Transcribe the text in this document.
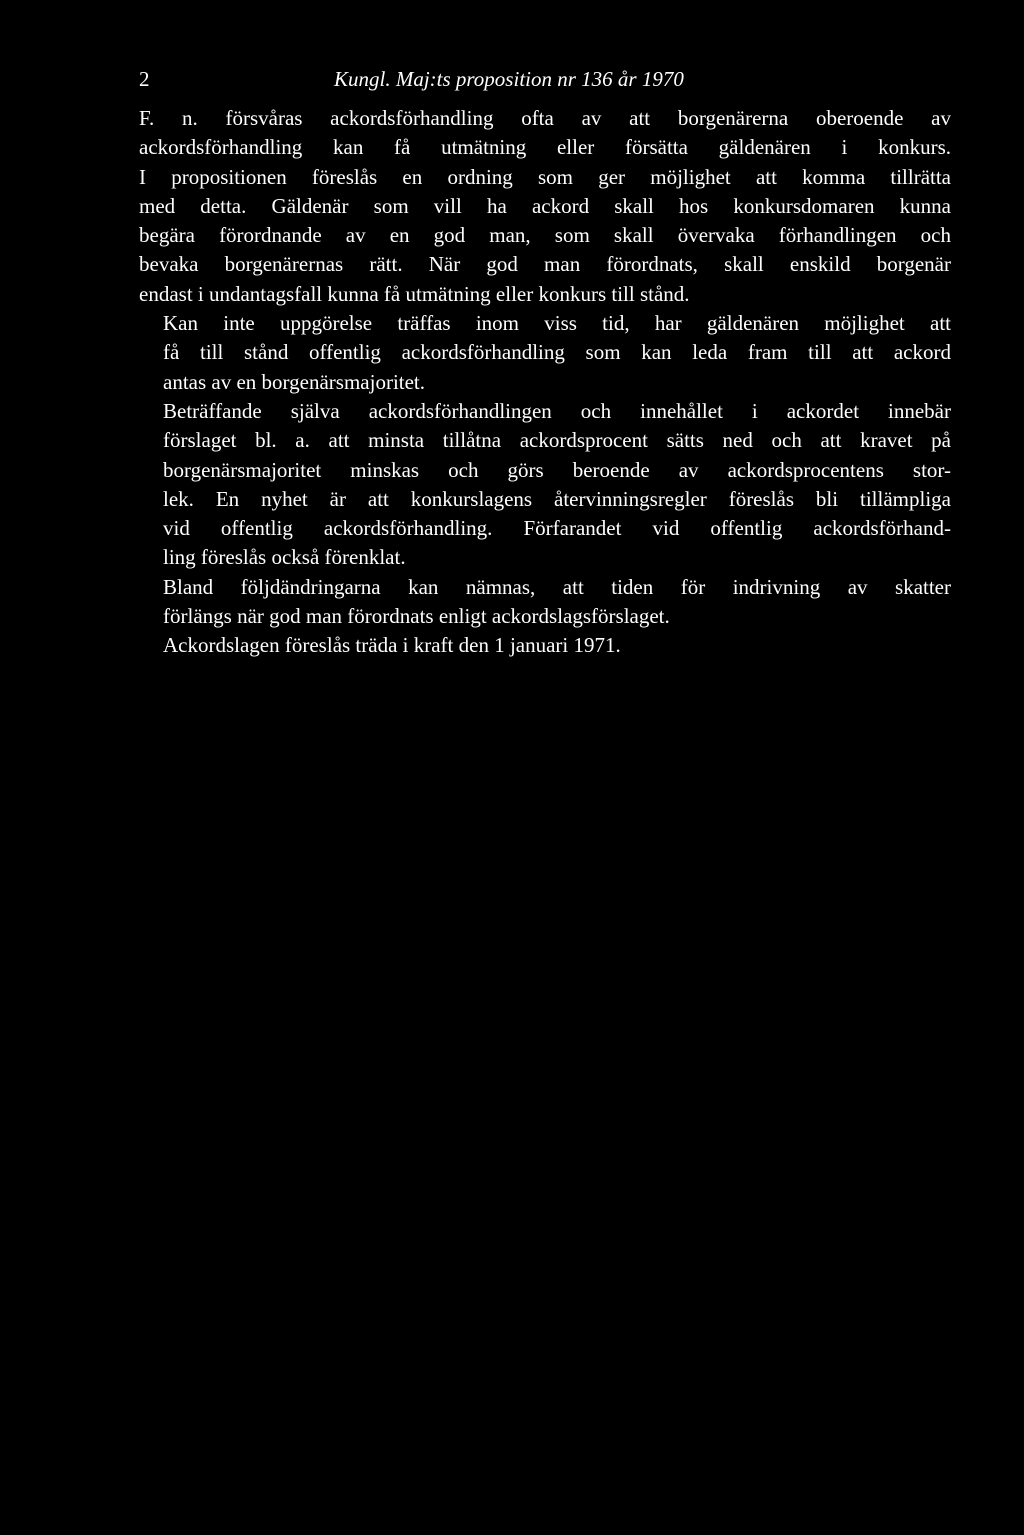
2	Kungl. Maj:ts proposition nr 136 år 1970

F. n. försvåras ackordsförhandling ofta av att borgenärerna oberoende av
ackordsförhandling kan få utmätning eller försätta gäldenären i konkurs.
I propositionen föreslås en ordning som ger möjlighet att komma tillrätta
med detta. Gäldenär som vill ha ackord skall hos konkursdomaren kunna
begära förordnande av en god man, som skall övervaka förhandlingen och
bevaka borgenärernas rätt. När god man förordnats, skall enskild borgenär
endast i undantagsfall kunna få utmätning eller konkurs till stånd.

Kan inte uppgörelse träffas inom viss tid, har gäldenären möjlighet att
få till stånd offentlig ackordsförhandling som kan leda fram till att ackord
antas av en borgenärsmajoritet.

Beträffande själva ackordsförhandlingen och innehållet i ackordet innebär
förslaget bl. a. att minsta tillåtna ackordsprocent sätts ned och att kravet på
borgenärsmajoritet minskas och görs beroende av ackordsprocentens stor-
lek. En nyhet är att konkurslagens återvinningsregler föreslås bli tillämpliga
vid offentlig ackordsförhandling. Förfarandet vid offentlig ackordsförhand-
ling föreslås också förenklat.

Bland följdändringarna kan nämnas, att tiden för indrivning av skatter
förlängs när god man förordnats enligt ackordslagsförslaget.

Ackordslagen föreslås träda i kraft den 1 januari 1971.
